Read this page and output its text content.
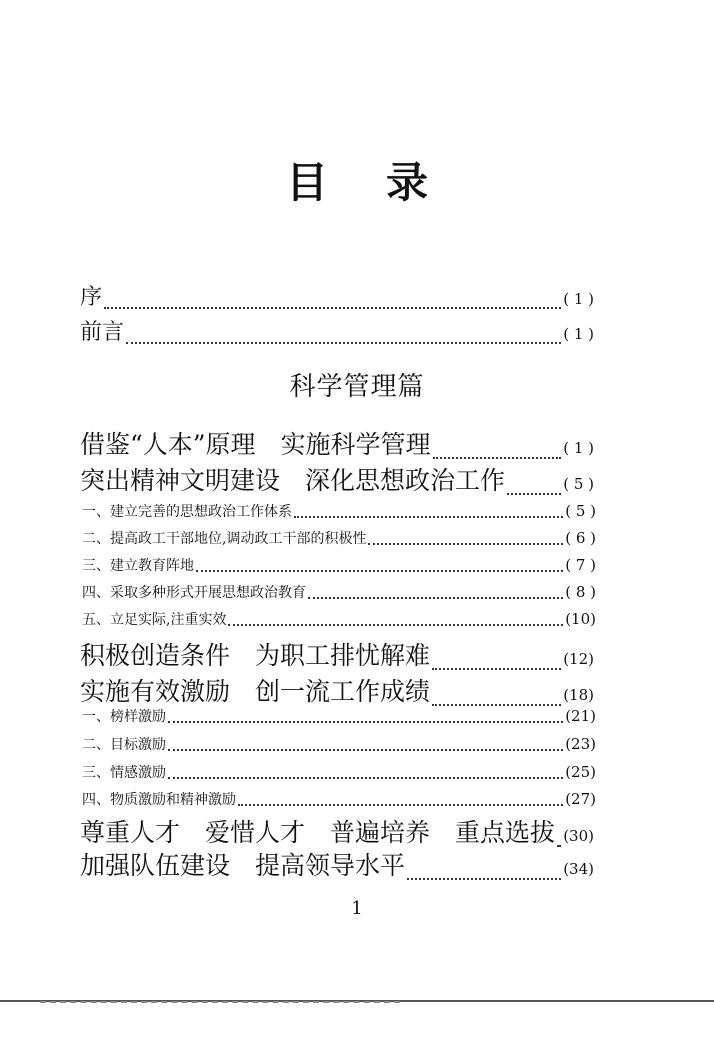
目 录
序	( 1 )
前言	( 1 )
科学管理篇
借鉴“人本”原理　实施科学管理	( 1 )
突出精神文明建设　深化思想政治工作	( 5 )
一、建立完善的思想政治工作体系	( 5 )
二、提高政工干部地位,调动政工干部的积极性	( 6 )
三、建立教育阵地	( 7 )
四、采取多种形式开展思想政治教育	( 8 )
五、立足实际,注重实效	(10)
积极创造条件　为职工排忧解难	(12)
实施有效激励　创一流工作成绩	(18)
一、榜样激励	(21)
二、目标激励	(23)
三、情感激励	(25)
四、物质激励和精神激励	(27)
尊重人才　爱惜人才　普遍培养　重点选拔 (30)
加强队伍建设　提高领导水平	(34)
1
